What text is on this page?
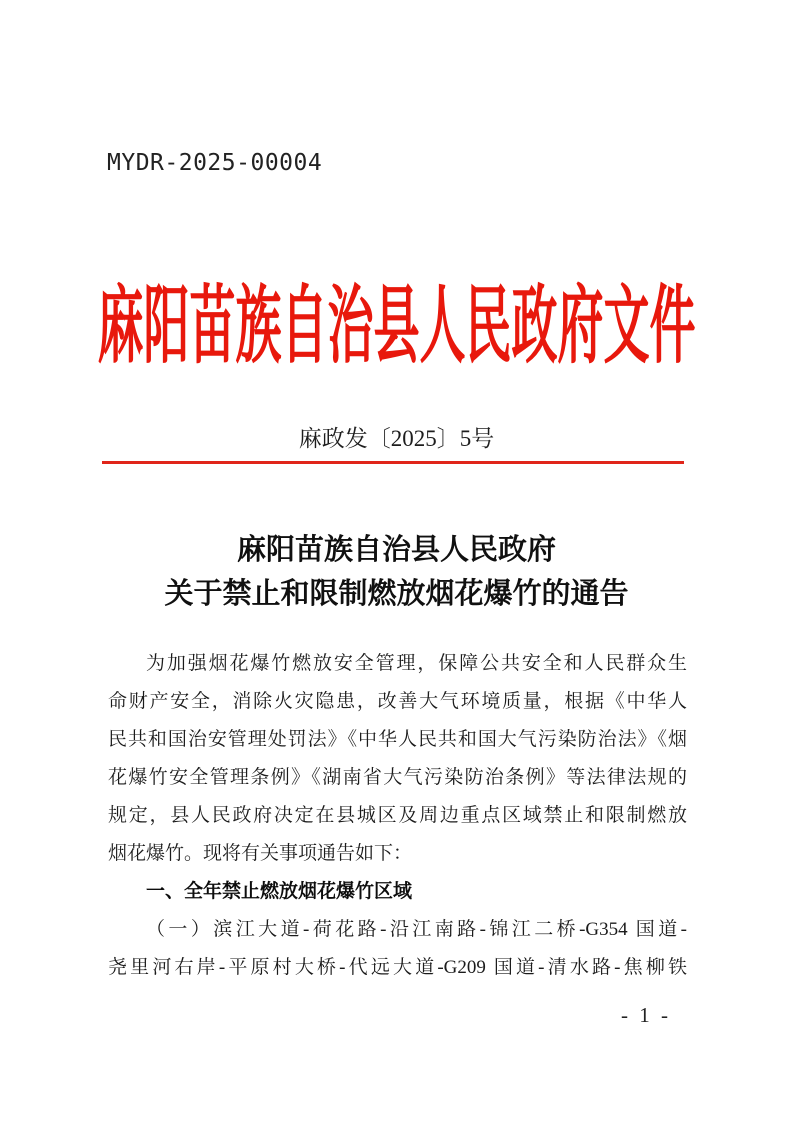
MYDR-2025-00004
麻阳苗族自治县人民政府文件
麻政发〔2025〕5号
麻阳苗族自治县人民政府
关于禁止和限制燃放烟花爆竹的通告
为加强烟花爆竹燃放安全管理，保障公共安全和人民群众生
命财产安全，消除火灾隐患，改善大气环境质量，根据《中华人
民共和国治安管理处罚法》《中华人民共和国大气污染防治法》《烟
花爆竹安全管理条例》《湖南省大气污染防治条例》等法律法规的
规定，县人民政府决定在县城区及周边重点区域禁止和限制燃放
烟花爆竹。现将有关事项通告如下：
一、全年禁止燃放烟花爆竹区域
（一）滨江大道-荷花路-沿江南路-锦江二桥-G354 国道-
尧里河右岸-平原村大桥-代远大道-G209 国道-清水路-焦柳铁
- 1 -
